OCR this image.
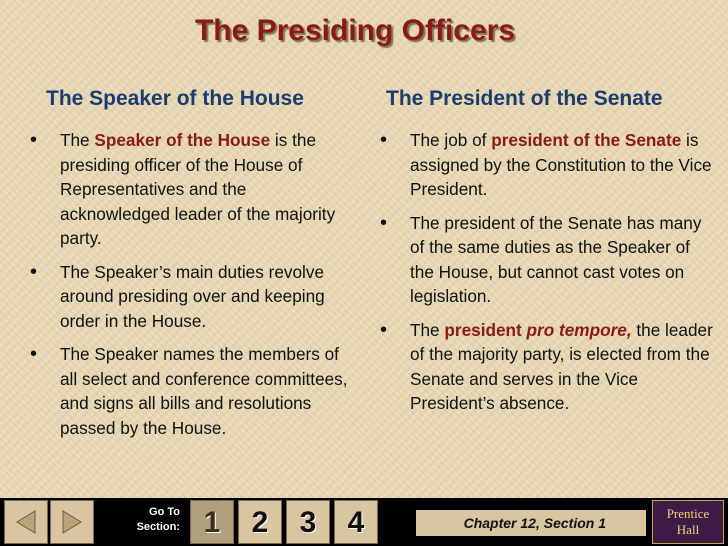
The Presiding Officers
The Speaker of the House	The President of the Senate
• The Speaker of the House is the presiding officer of the House of Representatives and the acknowledged leader of the majority party.
• The Speaker’s main duties revolve around presiding over and keeping order in the House.
• The Speaker names the members of all select and conference committees, and signs all bills and resolutions passed by the House.
• The job of president of the Senate is assigned by the Constitution to the Vice President.
• The president of the Senate has many of the same duties as the Speaker of the House, but cannot cast votes on legislation.
• The president pro tempore, the leader of the majority party, is elected from the Senate and serves in the Vice President’s absence.
Go To
Section: 1	2	3	4	Chapter 12, Section 1
Prentice
Hall
